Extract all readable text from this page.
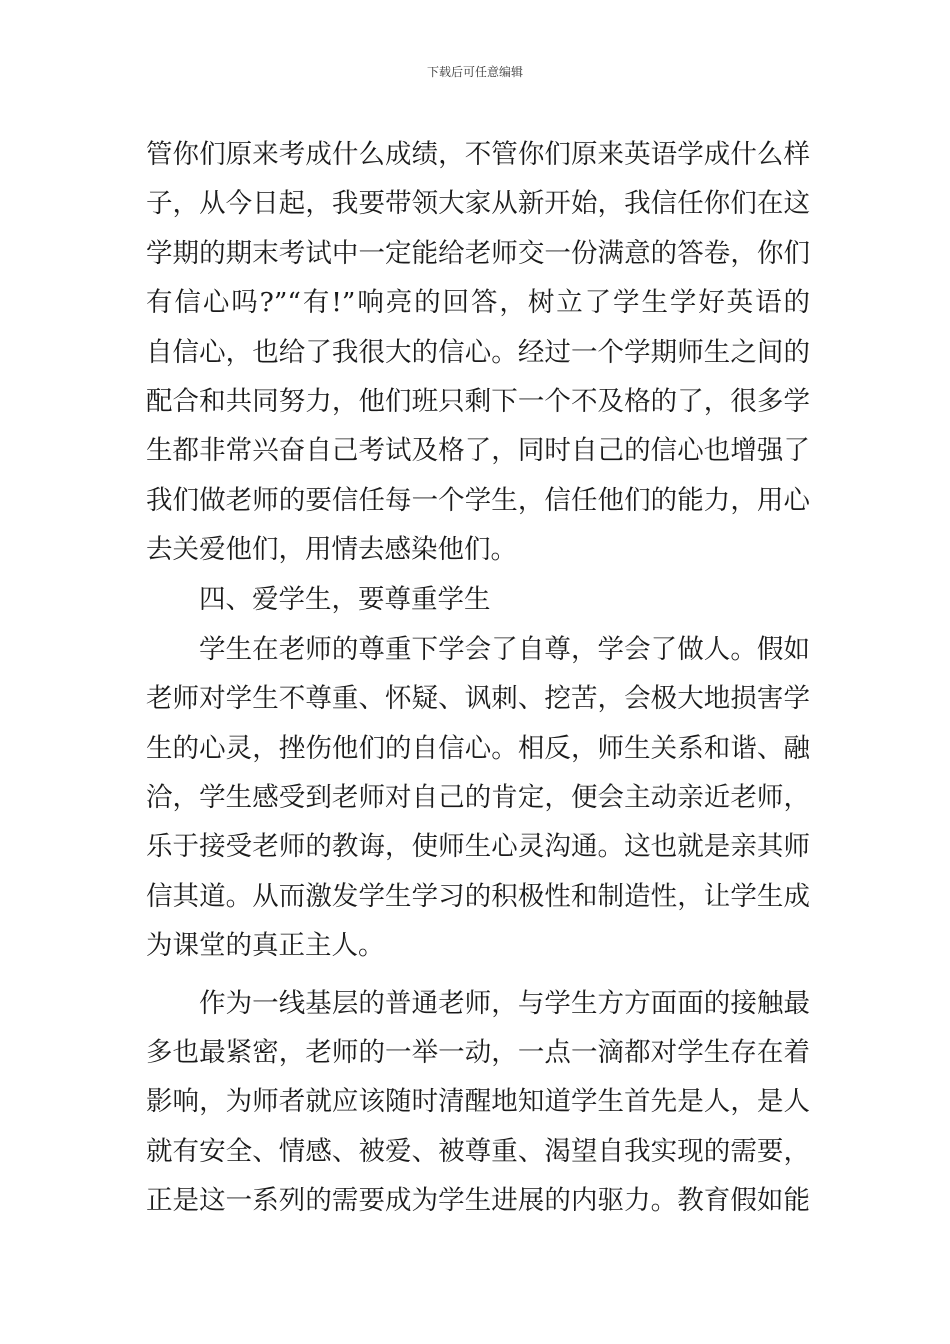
下载后可任意编辑
管你们原来考成什么成绩，不管你们原来英语学成什么样
子，从今日起，我要带领大家从新开始，我信任你们在这
学期的期末考试中一定能给老师交一份满意的答卷，你们
有信心吗?”“有!”响亮的回答，树立了学生学好英语的
自信心，也给了我很大的信心。经过一个学期师生之间的
配合和共同努力，他们班只剩下一个不及格的了，很多学
生都非常兴奋自己考试及格了，同时自己的信心也增强了
我们做老师的要信任每一个学生，信任他们的能力，用心
去关爱他们，用情去感染他们。
四、爱学生，要尊重学生
学生在老师的尊重下学会了自尊，学会了做人。假如
老师对学生不尊重、怀疑、讽刺、挖苦，会极大地损害学
生的心灵，挫伤他们的自信心。相反，师生关系和谐、融
洽，学生感受到老师对自己的肯定，便会主动亲近老师，
乐于接受老师的教诲，使师生心灵沟通。这也就是亲其师
信其道。从而激发学生学习的积极性和制造性，让学生成
为课堂的真正主人。
作为一线基层的普通老师，与学生方方面面的接触最
多也最紧密，老师的一举一动，一点一滴都对学生存在着
影响，为师者就应该随时清醒地知道学生首先是人，是人
就有安全、情感、被爱、被尊重、渴望自我实现的需要，
正是这一系列的需要成为学生进展的内驱力。教育假如能
